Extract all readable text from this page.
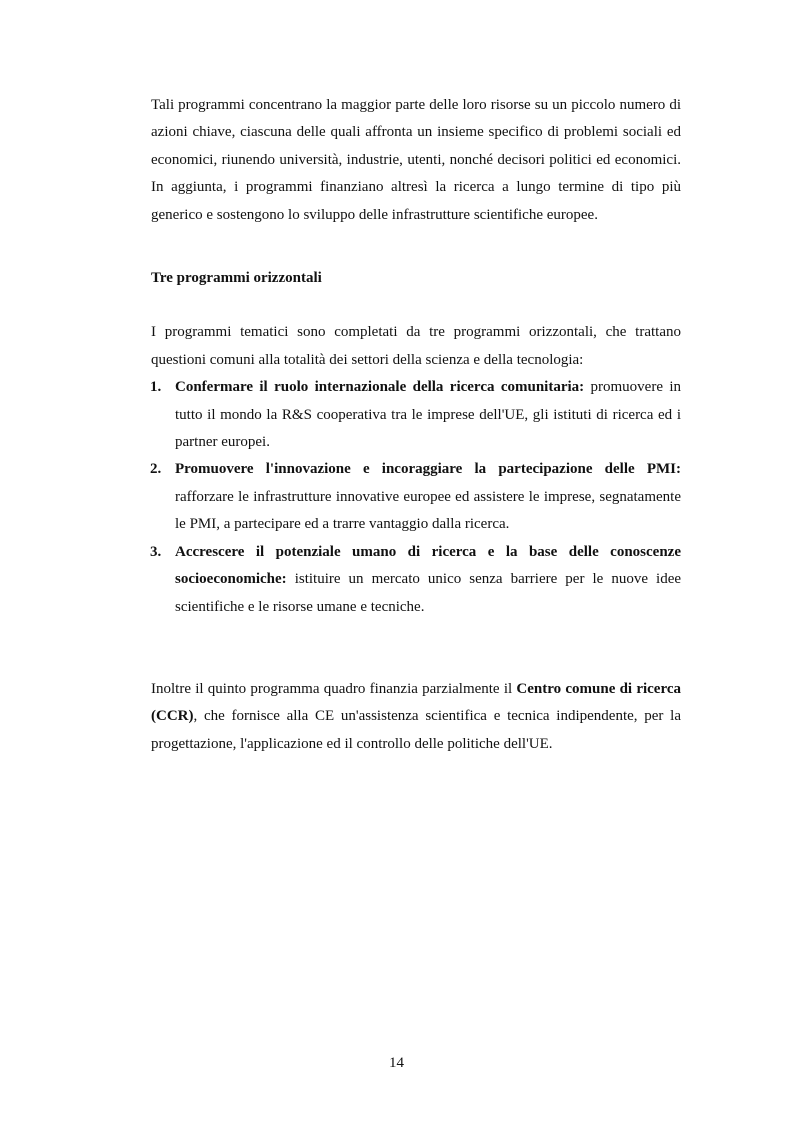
Tali programmi concentrano la maggior parte delle loro risorse su un piccolo numero di azioni chiave, ciascuna delle quali affronta un insieme specifico di problemi sociali ed economici, riunendo università, industrie, utenti, nonché decisori politici ed economici. In aggiunta, i programmi finanziano altresì la ricerca a lungo termine di tipo più generico e sostengono lo sviluppo delle infrastrutture scientifiche europee.

Tre programmi orizzontali

I programmi tematici sono completati da tre programmi orizzontali, che trattano questioni comuni alla totalità dei settori della scienza e della tecnologia:

1. Confermare il ruolo internazionale della ricerca comunitaria: promuovere in tutto il mondo la R&S cooperativa tra le imprese dell'UE, gli istituti di ricerca ed i partner europei.
2. Promuovere l'innovazione e incoraggiare la partecipazione delle PMI: rafforzare le infrastrutture innovative europee ed assistere le imprese, segnatamente le PMI, a partecipare ed a trarre vantaggio dalla ricerca.
3. Accrescere il potenziale umano di ricerca e la base delle conoscenze socioeconomiche: istituire un mercato unico senza barriere per le nuove idee scientifiche e le risorse umane e tecniche.

Inoltre il quinto programma quadro finanzia parzialmente il Centro comune di ricerca (CCR), che fornisce alla CE un'assistenza scientifica e tecnica indipendente, per la progettazione, l'applicazione ed il controllo delle politiche dell'UE.

14
